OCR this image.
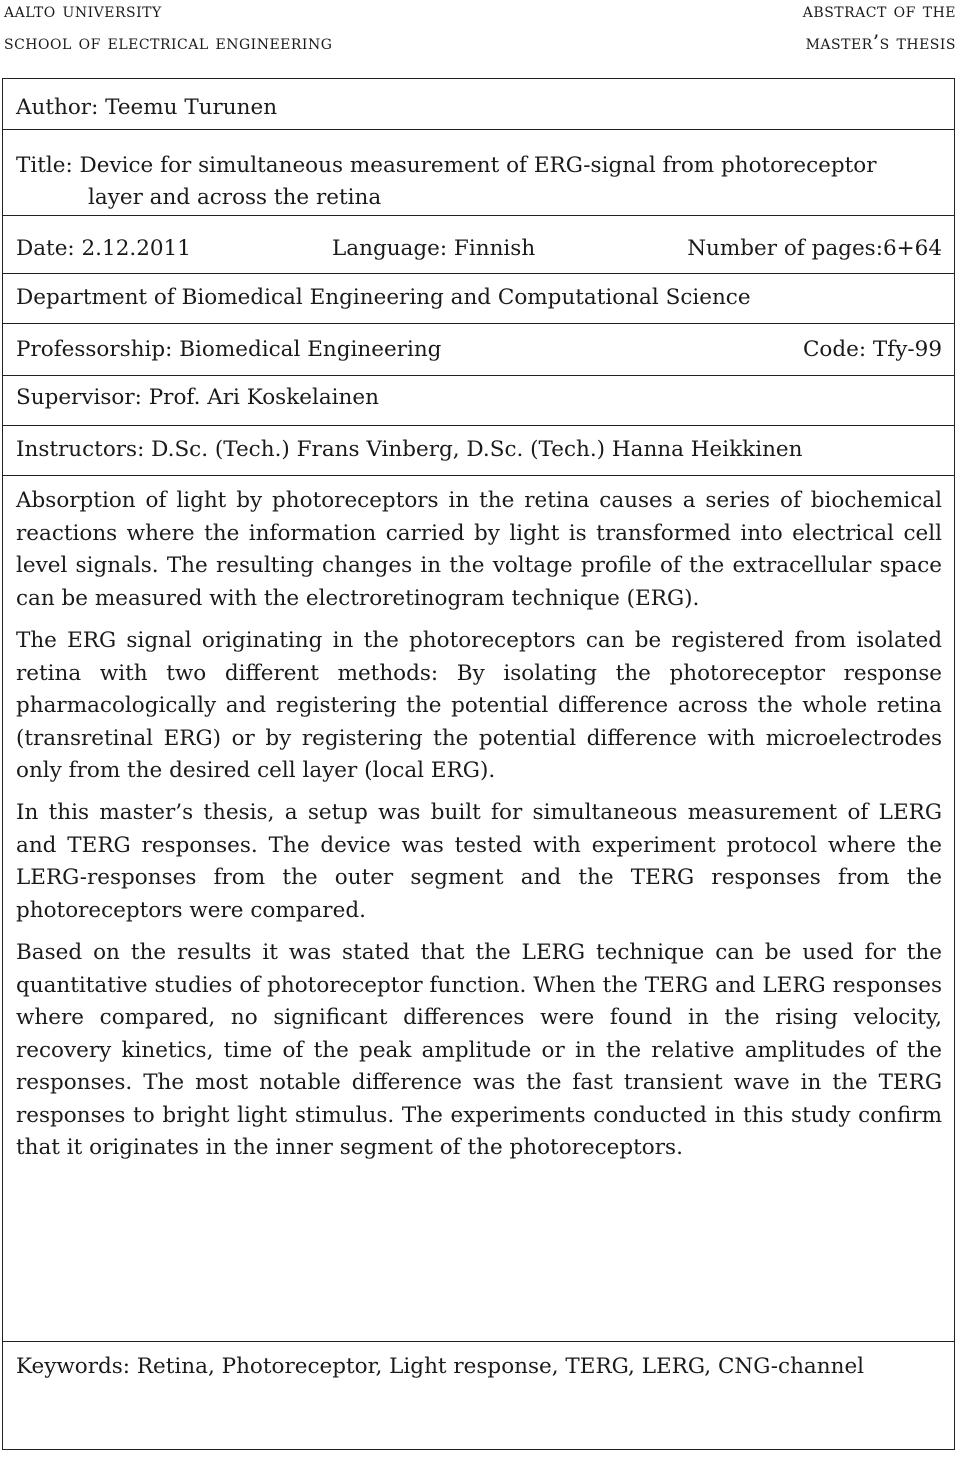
aalto university
school of electrical engineering
abstract of the
master’s thesis
Author: Teemu Turunen
Title: Device for simultaneous measurement of ERG-signal from photoreceptor
layer and across the retina
Date: 2.12.2011	Language: Finnish	Number of pages:6+64
Department of Biomedical Engineering and Computational Science
Professorship: Biomedical Engineering	Code: Tfy-99
Supervisor: Prof. Ari Koskelainen
Instructors: D.Sc. (Tech.) Frans Vinberg, D.Sc. (Tech.) Hanna Heikkinen
Absorption of light by photoreceptors in the retina causes a series of biochemical reactions where the information carried by light is transformed into electrical cell level signals. The resulting changes in the voltage profile of the extracellular space can be measured with the electroretinogram technique (ERG).
The ERG signal originating in the photoreceptors can be registered from isolated retina with two different methods: By isolating the photoreceptor response pharmacologically and registering the potential difference across the whole retina (transretinal ERG) or by registering the potential difference with microelectrodes only from the desired cell layer (local ERG).
In this master’s thesis, a setup was built for simultaneous measurement of LERG and TERG responses. The device was tested with experiment protocol where the LERG-responses from the outer segment and the TERG responses from the photoreceptors were compared.
Based on the results it was stated that the LERG technique can be used for the quantitative studies of photoreceptor function. When the TERG and LERG responses where compared, no significant differences were found in the rising velocity, recovery kinetics, time of the peak amplitude or in the relative amplitudes of the responses. The most notable difference was the fast transient wave in the TERG responses to bright light stimulus. The experiments conducted in this study confirm that it originates in the inner segment of the photoreceptors.
Keywords: Retina, Photoreceptor, Light response, TERG, LERG, CNG-channel
